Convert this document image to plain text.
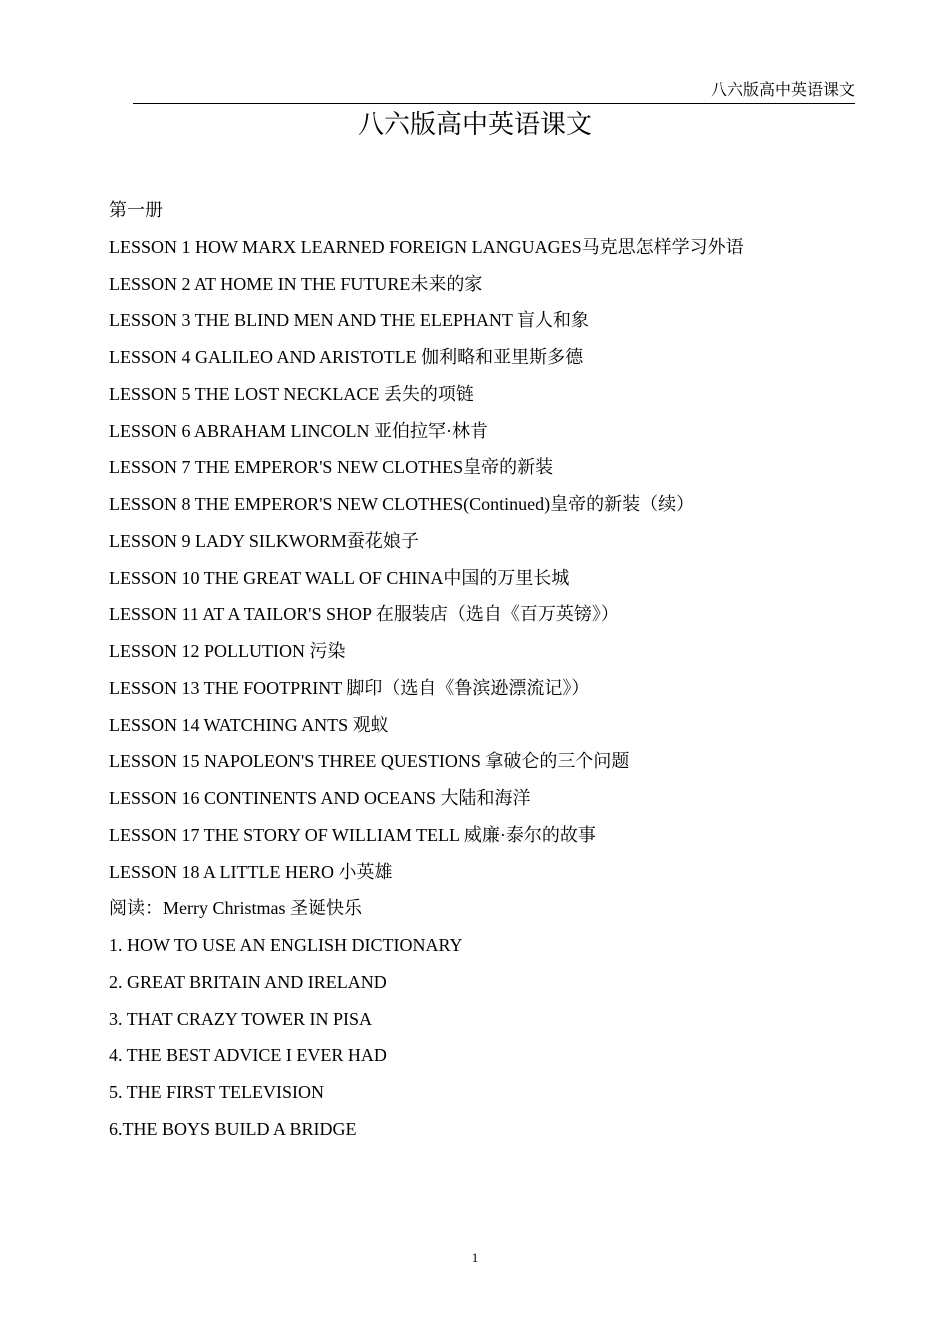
八六版高中英语课文
八六版高中英语课文
第一册
LESSON 1 HOW MARX LEARNED FOREIGN LANGUAGES马克思怎样学习外语
LESSON 2 AT HOME IN THE FUTURE未来的家
LESSON 3 THE BLIND MEN AND THE ELEPHANT 盲人和象
LESSON 4 GALILEO AND ARISTOTLE 伽利略和亚里斯多德
LESSON 5 THE LOST NECKLACE 丢失的项链
LESSON 6 ABRAHAM LINCOLN 亚伯拉罕·林肯
LESSON 7 THE EMPEROR'S NEW CLOTHES皇帝的新装
LESSON 8 THE EMPEROR'S NEW CLOTHES(Continued)皇帝的新装（续）
LESSON 9 LADY SILKWORM蚕花娘子
LESSON 10 THE GREAT WALL OF CHINA中国的万里长城
LESSON 11 AT A TAILOR'S SHOP 在服装店（选自《百万英镑》）
LESSON 12 POLLUTION 污染
LESSON 13 THE FOOTPRINT 脚印（选自《鲁滨逊漂流记》）
LESSON 14 WATCHING ANTS 观蚁
LESSON 15 NAPOLEON'S THREE QUESTIONS 拿破仑的三个问题
LESSON 16 CONTINENTS AND OCEANS 大陆和海洋
LESSON 17 THE STORY OF WILLIAM TELL 威廉·泰尔的故事
LESSON 18 A LITTLE HERO 小英雄
阅读：Merry Christmas 圣诞快乐
1. HOW TO USE AN ENGLISH DICTIONARY
2. GREAT BRITAIN AND IRELAND
3. THAT CRAZY TOWER IN PISA
4. THE BEST ADVICE I EVER HAD
5. THE FIRST TELEVISION
6.THE BOYS BUILD A BRIDGE
1
